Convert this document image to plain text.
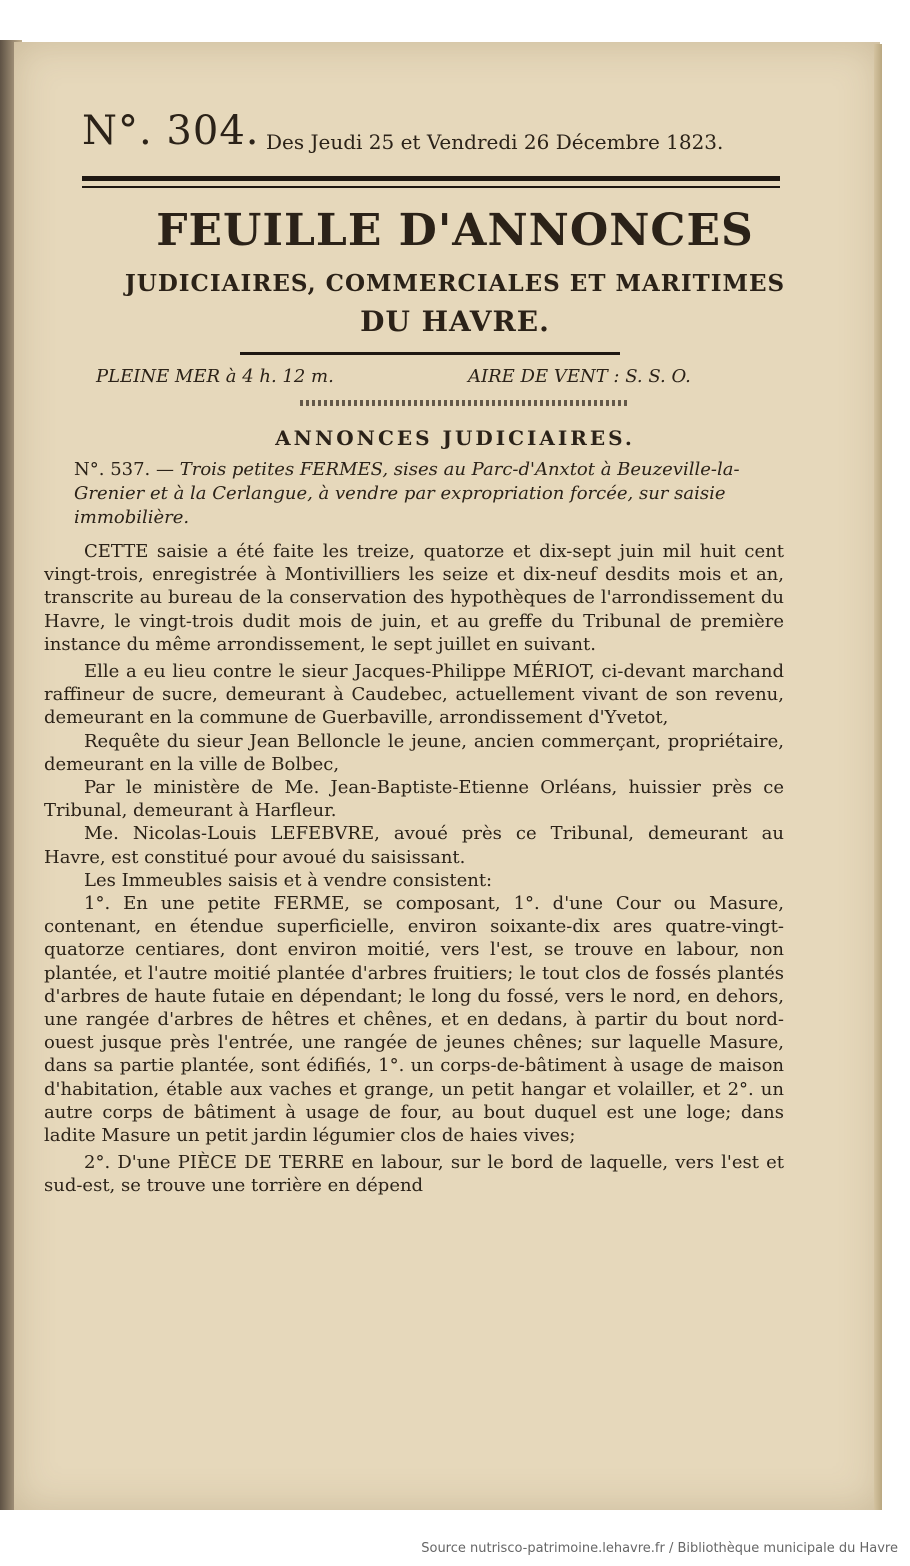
N°. 304. Des Jeudi 25 et Vendredi 26 Décembre 1823.
FEUILLE D'ANNONCES
JUDICIAIRES, COMMERCIALES ET MARITIMES
DU HAVRE.
PLEINE MER à 4 h. 12 m.	AIRE DE VENT : S. S. O.
ANNONCES JUDICIAIRES.
N°. 537. — Trois petites FERMES, sises au Parc-d'Anxtot à Beuzeville-la-Grenier et à la Cerlangue, à vendre par expropriation forcée, sur saisie immobilière.

CETTE saisie a été faite les treize, quatorze et dix-sept juin mil huit cent vingt-trois, enregistrée à Montivilliers les seize et dix-neuf desdits mois et an, transcrite au bureau de la conservation des hypothèques de l'arrondissement du Havre, le vingt-trois dudit mois de juin, et au greffe du Tribunal de première instance du même arrondissement, le sept juillet en suivant.

Elle a eu lieu contre le sieur Jacques-Philippe MÉRIOT, ci-devant marchand raffineur de sucre, demeurant à Caudebec, actuellement vivant de son revenu, demeurant en la commune de Guerbaville, arrondissement d'Yvetot,

Requête du sieur Jean Belloncle le jeune, ancien commerçant, propriétaire, demeurant en la ville de Bolbec,

Par le ministère de Me. Jean-Baptiste-Etienne Orléans, huissier près ce Tribunal, demeurant à Harfleur.

Me. Nicolas-Louis LEFEBVRE, avoué près ce Tribunal, demeurant au Havre, est constitué pour avoué du saisissant.

Les Immeubles saisis et à vendre consistent:

1°. En une petite FERME, se composant, 1°. d'une Cour ou Masure, contenant, en étendue superficielle, environ soixante-dix ares quatre-vingt-quatorze centiares, dont environ moitié, vers l'est, se trouve en labour, non plantée, et l'autre moitié plantée d'arbres fruitiers; le tout clos de fossés plantés d'arbres de haute futaie en dépendant; le long du fossé, vers le nord, en dehors, une rangée d'arbres de hêtres et chênes, et en dedans, à partir du bout nord-ouest jusque près l'entrée, une rangée de jeunes chênes; sur laquelle Masure, dans sa partie plantée, sont édifiés, 1°. un corps-de-bâtiment à usage de maison d'habitation, étable aux vaches et grange, un petit hangar et volailler, et 2°. un autre corps de bâtiment à usage de four, au bout duquel est une loge; dans ladite Masure un petit jardin légumier clos de haies vives;

2°. D'une PIÈCE DE TERRE en labour, sur le bord de laquelle, vers l'est et sud-est, se trouve une torrière en dépend

Source nutrisco-patrimoine.lehavre.fr / Bibliothèque municipale du Havre
